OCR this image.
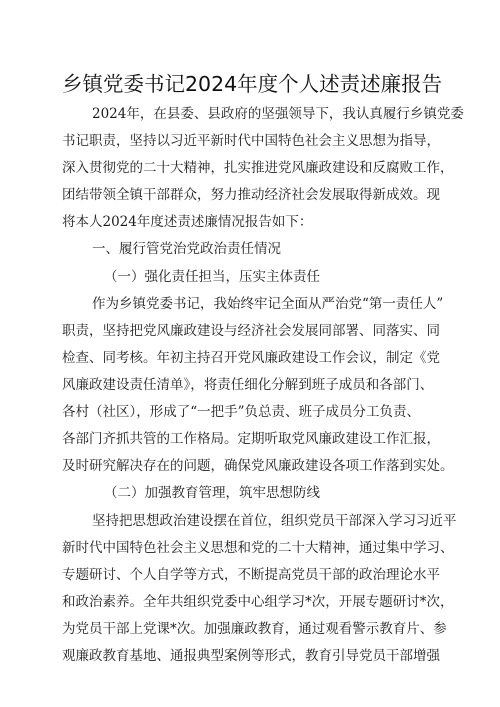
乡镇党委书记2024年度个人述责述廉报告
2024年，在县委、县政府的坚强领导下，我认真履行乡镇党委
书记职责，坚持以习近平新时代中国特色社会主义思想为指导，
深入贯彻党的二十大精神，扎实推进党风廉政建设和反腐败工作，
团结带领全镇干部群众，努力推动经济社会发展取得新成效。现
将本人2024年度述责述廉情况报告如下：
一、履行管党治党政治责任情况
（一）强化责任担当，压实主体责任
作为乡镇党委书记，我始终牢记全面从严治党“第一责任人”
职责，坚持把党风廉政建设与经济社会发展同部署、同落实、同
检查、同考核。年初主持召开党风廉政建设工作会议，制定《党
风廉政建设责任清单》，将责任细化分解到班子成员和各部门、
各村（社区），形成了“一把手”负总责、班子成员分工负责、
各部门齐抓共管的工作格局。定期听取党风廉政建设工作汇报，
及时研究解决存在的问题，确保党风廉政建设各项工作落到实处。
（二）加强教育管理，筑牢思想防线
坚持把思想政治建设摆在首位，组织党员干部深入学习习近平
新时代中国特色社会主义思想和党的二十大精神，通过集中学习、
专题研讨、个人自学等方式，不断提高党员干部的政治理论水平
和政治素养。全年共组织党委中心组学习*次，开展专题研讨*次，
为党员干部上党课*次。加强廉政教育，通过观看警示教育片、参
观廉政教育基地、通报典型案例等形式，教育引导党员干部增强
